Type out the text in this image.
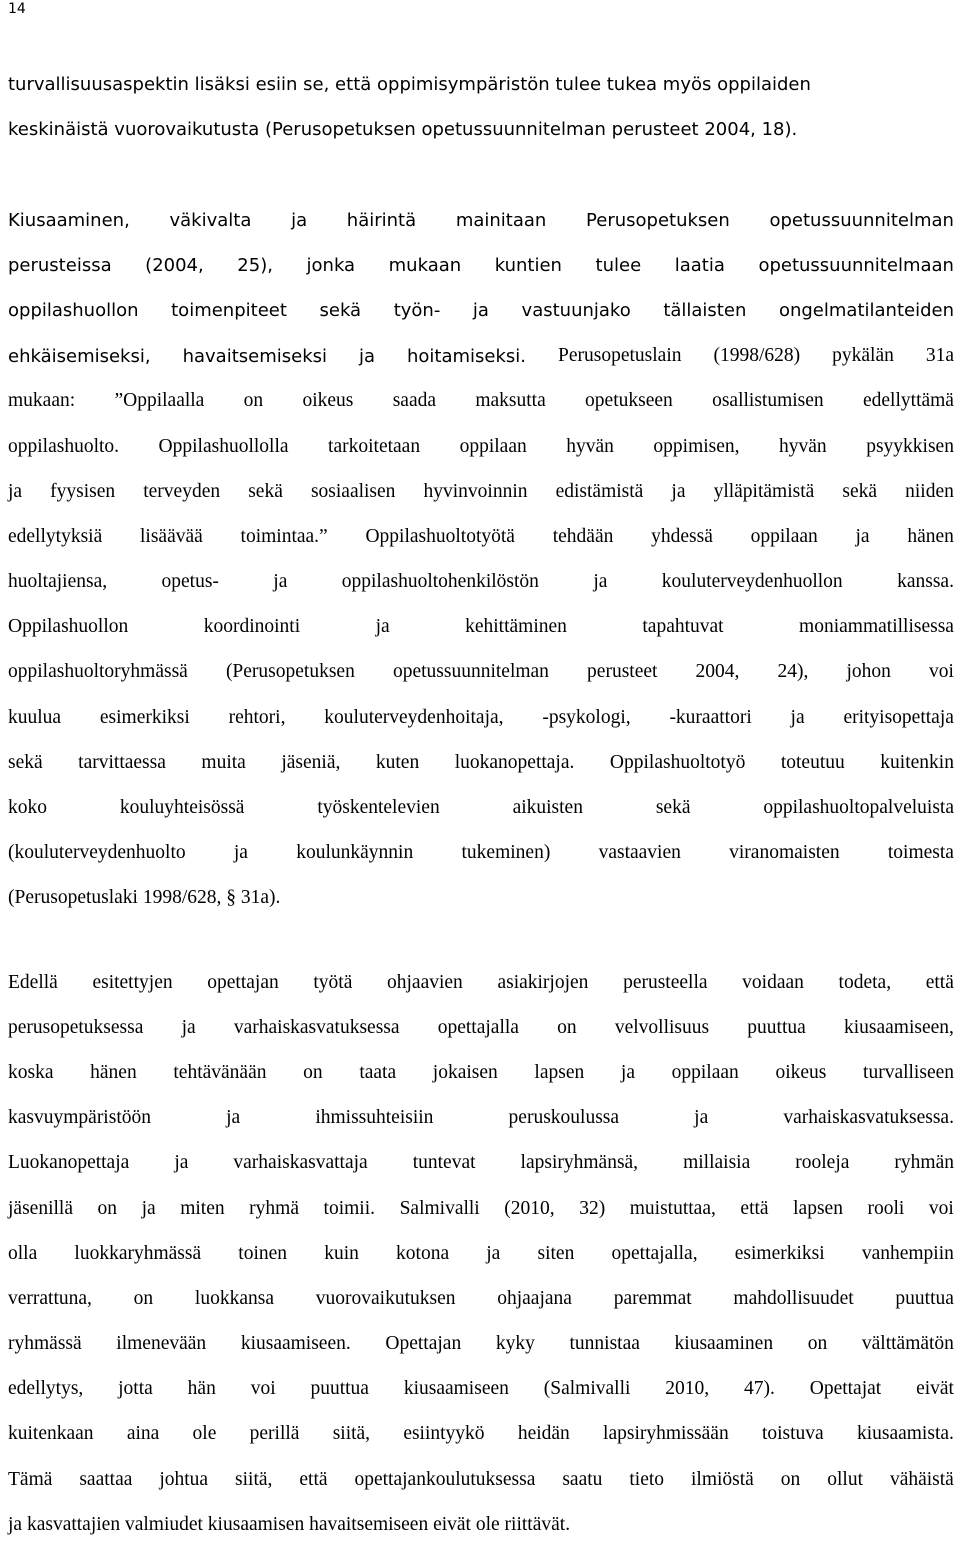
14
turvallisuusaspektin lisäksi esiin se, että oppimisympäristön tulee tukea myös oppilaiden
keskinäistä vuorovaikutusta (Perusopetuksen opetussuunnitelman perusteet 2004, 18).
Kiusaaminen, väkivalta ja häirintä mainitaan Perusopetuksen opetussuunnitelman
perusteissa (2004, 25), jonka mukaan kuntien tulee laatia opetussuunnitelmaan
oppilashuollon toimenpiteet sekä työn- ja vastuunjako tällaisten ongelmatilanteiden
ehkäisemiseksi, havaitsemiseksi ja hoitamiseksi. Perusopetuslain (1998/628) pykälän 31a
mukaan: ”Oppilaalla on oikeus saada maksutta opetukseen osallistumisen edellyttämä
oppilashuolto. Oppilashuollolla tarkoitetaan oppilaan hyvän oppimisen, hyvän psyykkisen
ja fyysisen terveyden sekä sosiaalisen hyvinvoinnin edistämistä ja ylläpitämistä sekä niiden
edellytyksiä lisäävää toimintaa.” Oppilashuoltotyötä tehdään yhdessä oppilaan ja hänen
huoltajiensa,	opetus-	ja	oppilashuoltohenkilöstön	ja	kouluterveydenhuollon	kanssa.
Oppilashuollon	koordinointi	ja	kehittäminen	tapahtuvat	moniammatillisessa
oppilashuoltoryhmässä (Perusopetuksen opetussuunnitelman perusteet 2004, 24), johon voi
kuulua esimerkiksi rehtori, kouluterveydenhoitaja, -psykologi, -kuraattori ja erityisopettaja
sekä tarvittaessa muita jäseniä, kuten luokanopettaja. Oppilashuoltotyö toteutuu kuitenkin
koko	kouluyhteisössä	työskentelevien	aikuisten	sekä	oppilashuoltopalveluista
(kouluterveydenhuolto ja koulunkäynnin tukeminen) vastaavien viranomaisten toimesta
(Perusopetuslaki 1998/628, § 31a).
Edellä esitettyjen opettajan työtä ohjaavien asiakirjojen perusteella voidaan todeta, että
perusopetuksessa ja varhaiskasvatuksessa opettajalla on velvollisuus puuttua kiusaamiseen,
koska hänen tehtävänään on taata jokaisen lapsen ja oppilaan oikeus turvalliseen
kasvuympäristöön	ja	ihmissuhteisiin	peruskoulussa	ja	varhaiskasvatuksessa.
Luokanopettaja ja varhaiskasvattaja tuntevat lapsiryhmänsä, millaisia rooleja ryhmän
jäsenillä on ja miten ryhmä toimii. Salmivalli (2010, 32) muistuttaa, että lapsen rooli voi
olla luokkaryhmässä toinen kuin kotona ja siten opettajalla, esimerkiksi vanhempiin
verrattuna, on luokkansa vuorovaikutuksen ohjaajana paremmat mahdollisuudet puuttua
ryhmässä ilmenevään kiusaamiseen. Opettajan kyky tunnistaa kiusaaminen on välttämätön
edellytys, jotta hän voi puuttua kiusaamiseen (Salmivalli 2010, 47). Opettajat eivät
kuitenkaan aina ole perillä siitä, esiintyykö heidän lapsiryhmissään toistuva kiusaamista.
Tämä saattaa johtua siitä, että opettajankoulutuksessa saatu tieto ilmiöstä on ollut vähäistä
ja kasvattajien valmiudet kiusaamisen havaitsemiseen eivät ole riittävät.
